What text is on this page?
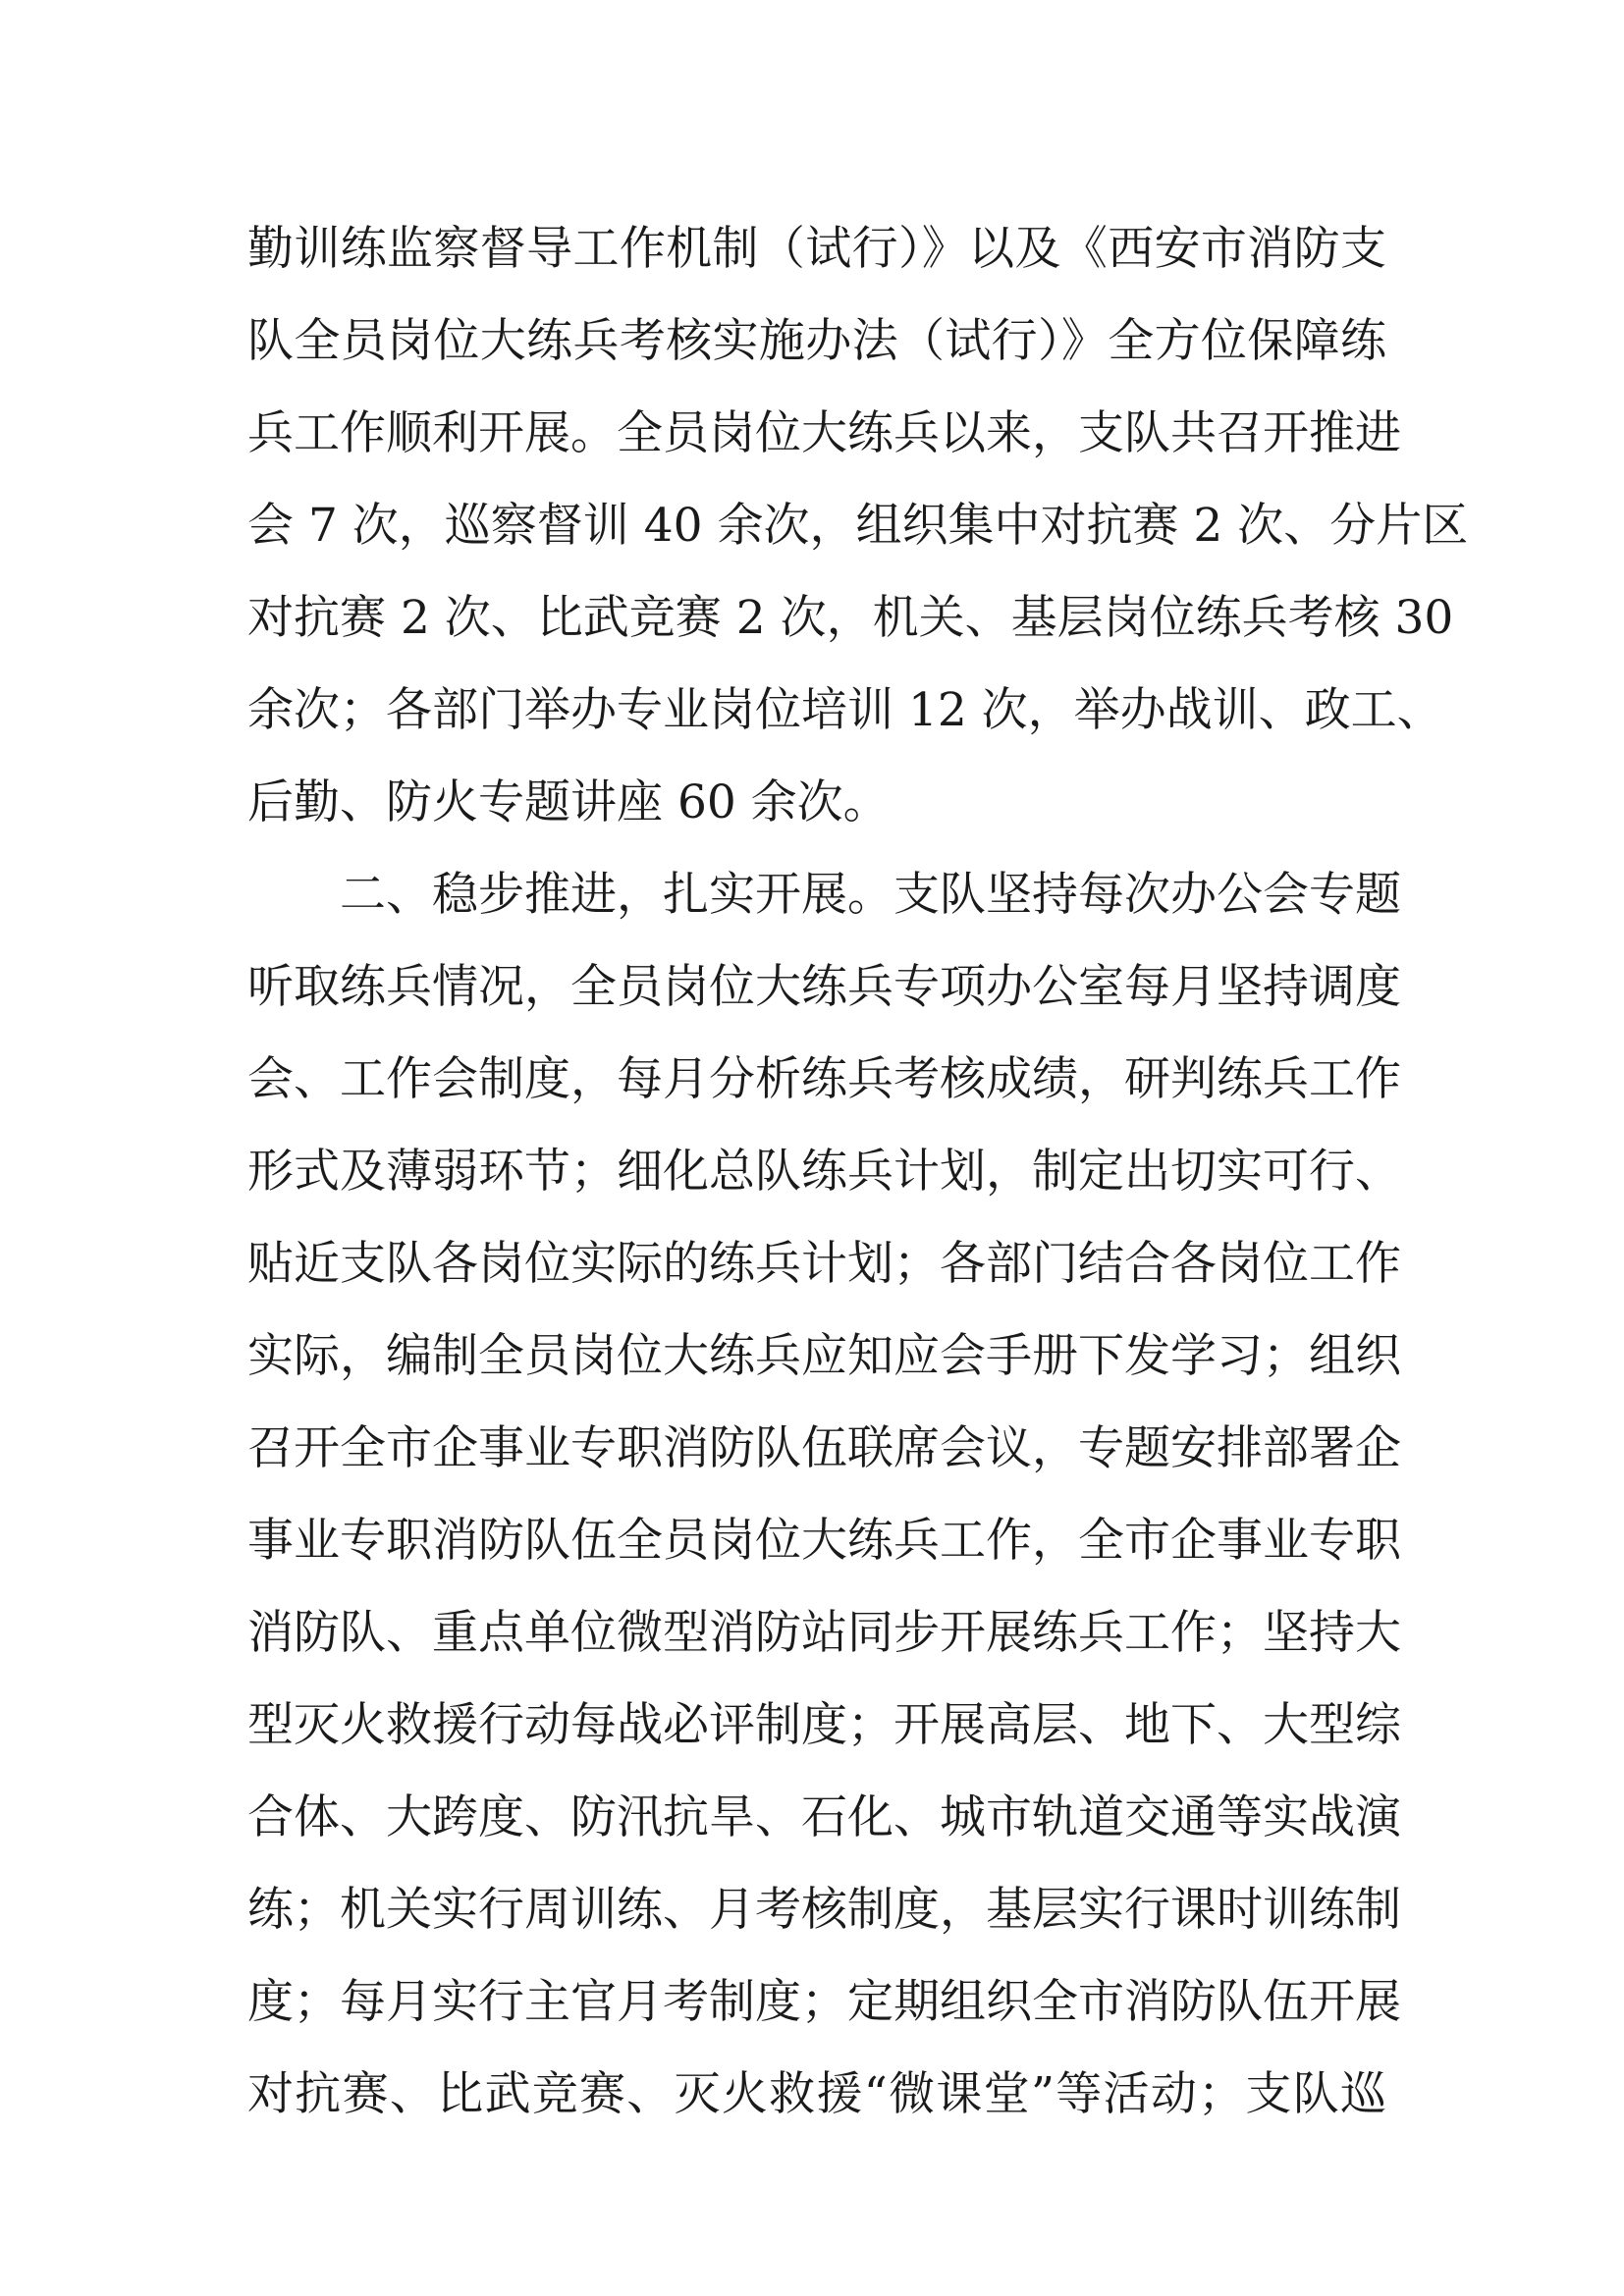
勤训练监察督导工作机制（试行）》以及《西安市消防支
队全员岗位大练兵考核实施办法（试行）》全方位保障练
兵工作顺利开展。全员岗位大练兵以来，支队共召开推进
会 7 次，巡察督训 40 余次，组织集中对抗赛 2 次、分片区
对抗赛 2 次、比武竞赛 2 次，机关、基层岗位练兵考核 30
余次；各部门举办专业岗位培训 12 次，举办战训、政工、
后勤、防火专题讲座 60 余次。
二、稳步推进，扎实开展。支队坚持每次办公会专题
听取练兵情况，全员岗位大练兵专项办公室每月坚持调度
会、工作会制度，每月分析练兵考核成绩，研判练兵工作
形式及薄弱环节；细化总队练兵计划，制定出切实可行、
贴近支队各岗位实际的练兵计划；各部门结合各岗位工作
实际，编制全员岗位大练兵应知应会手册下发学习；组织
召开全市企事业专职消防队伍联席会议，专题安排部署企
事业专职消防队伍全员岗位大练兵工作，全市企事业专职
消防队、重点单位微型消防站同步开展练兵工作；坚持大
型灭火救援行动每战必评制度；开展高层、地下、大型综
合体、大跨度、防汛抗旱、石化、城市轨道交通等实战演
练；机关实行周训练、月考核制度，基层实行课时训练制
度；每月实行主官月考制度；定期组织全市消防队伍开展
对抗赛、比武竞赛、灭火救援“微课堂”等活动；支队巡
